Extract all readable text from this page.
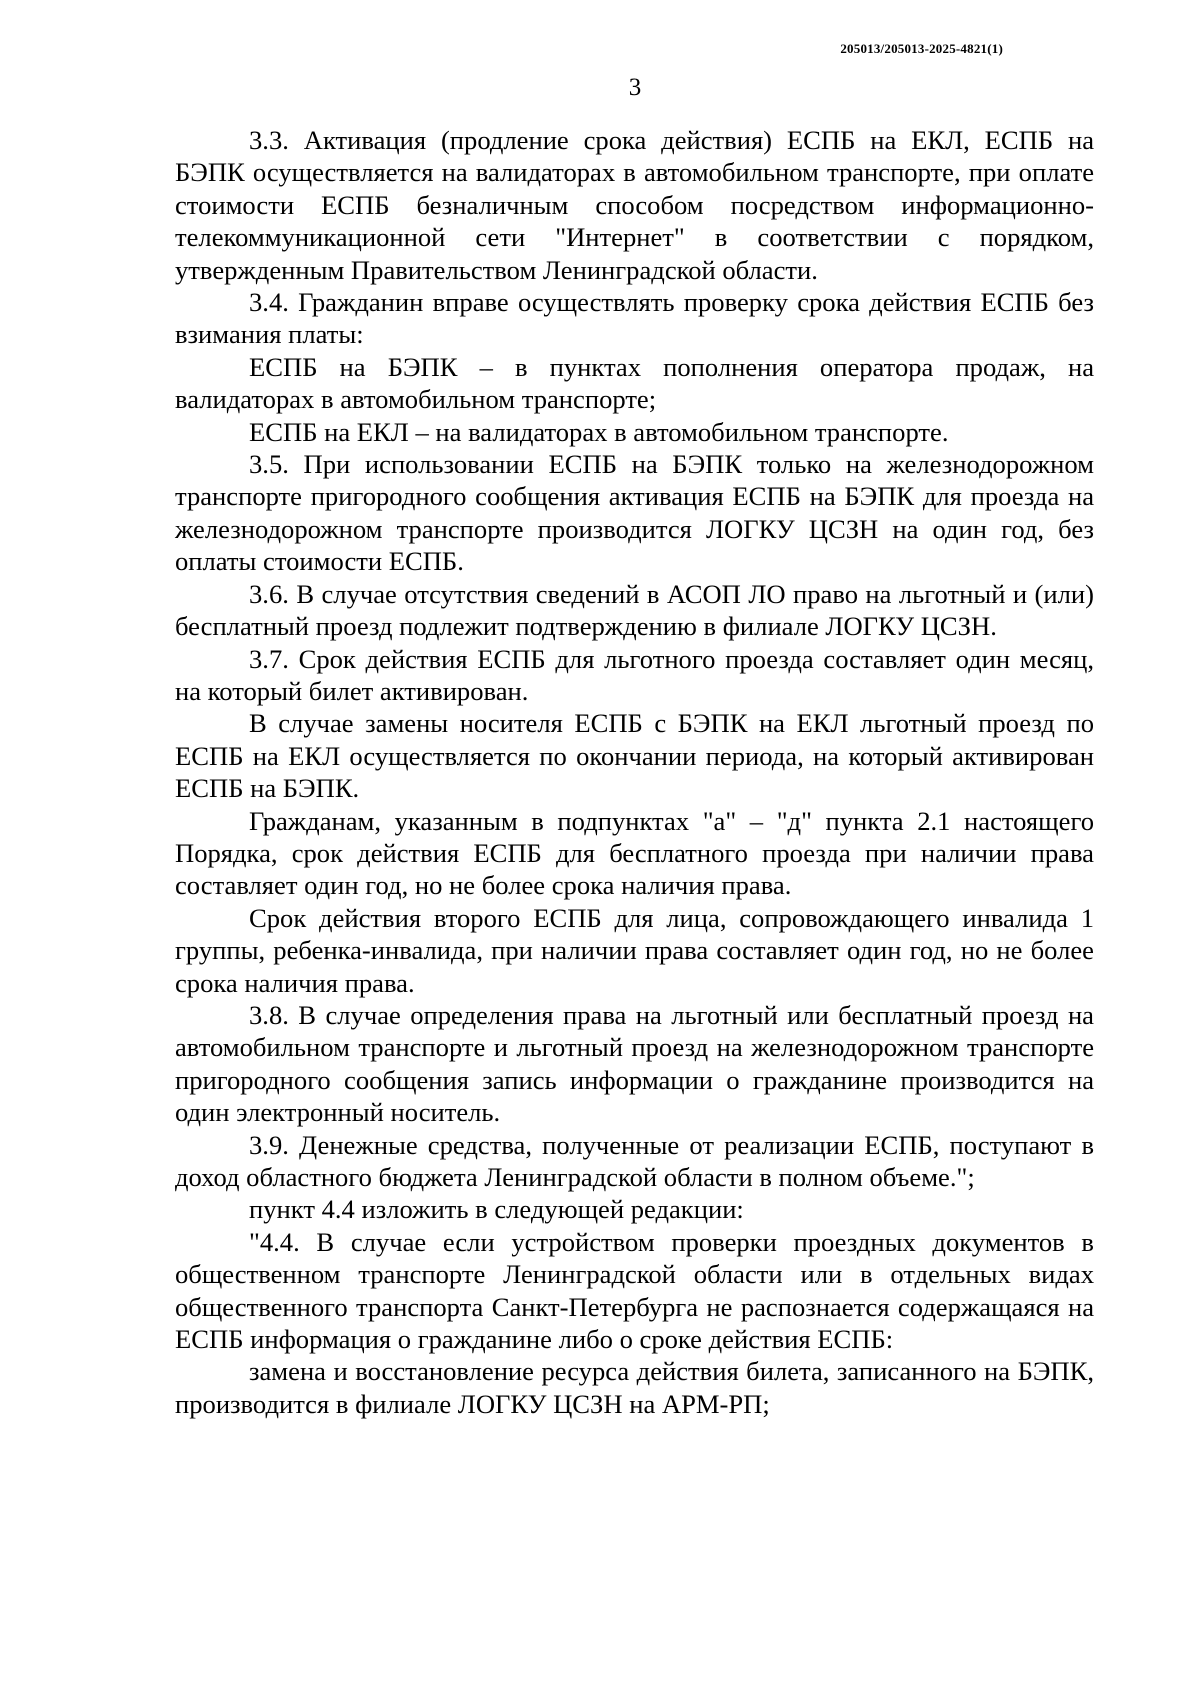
205013/205013-2025-4821(1)
3

3.3. Активация (продление срока действия) ЕСПБ на ЕКЛ, ЕСПБ на БЭПК осуществляется на валидаторах в автомобильном транспорте, при оплате стоимости ЕСПБ безналичным способом посредством информационно-телекоммуникационной сети "Интернет" в соответствии с порядком, утвержденным Правительством Ленинградской области.

3.4. Гражданин вправе осуществлять проверку срока действия ЕСПБ без взимания платы:

ЕСПБ на БЭПК – в пунктах пополнения оператора продаж, на валидаторах в автомобильном транспорте;

ЕСПБ на ЕКЛ – на валидаторах в автомобильном транспорте.

3.5. При использовании ЕСПБ на БЭПК только на железнодорожном транспорте пригородного сообщения активация ЕСПБ на БЭПК для проезда на железнодорожном транспорте производится ЛОГКУ ЦСЗН на один год, без оплаты стоимости ЕСПБ.

3.6. В случае отсутствия сведений в АСОП ЛО право на льготный и (или) бесплатный проезд подлежит подтверждению в филиале ЛОГКУ ЦСЗН.

3.7. Срок действия ЕСПБ для льготного проезда составляет один месяц, на который билет активирован.

В случае замены носителя ЕСПБ с БЭПК на ЕКЛ льготный проезд по ЕСПБ на ЕКЛ осуществляется по окончании периода, на который активирован ЕСПБ на БЭПК.

Гражданам, указанным в подпунктах "а" – "д" пункта 2.1 настоящего Порядка, срок действия ЕСПБ для бесплатного проезда при наличии права составляет один год, но не более срока наличия права.

Срок действия второго ЕСПБ для лица, сопровождающего инвалида 1 группы, ребенка-инвалида, при наличии права составляет один год, но не более срока наличия права.

3.8. В случае определения права на льготный или бесплатный проезд на автомобильном транспорте и льготный проезд на железнодорожном транспорте пригородного сообщения запись информации о гражданине производится на один электронный носитель.

3.9. Денежные средства, полученные от реализации ЕСПБ, поступают в доход областного бюджета Ленинградской области в полном объеме.";

пункт 4.4 изложить в следующей редакции:

"4.4. В случае если устройством проверки проездных документов в общественном транспорте Ленинградской области или в отдельных видах общественного транспорта Санкт-Петербурга не распознается содержащаяся на ЕСПБ информация о гражданине либо о сроке действия ЕСПБ:

замена и восстановление ресурса действия билета, записанного на БЭПК, производится в филиале ЛОГКУ ЦСЗН на АРМ-РП;
